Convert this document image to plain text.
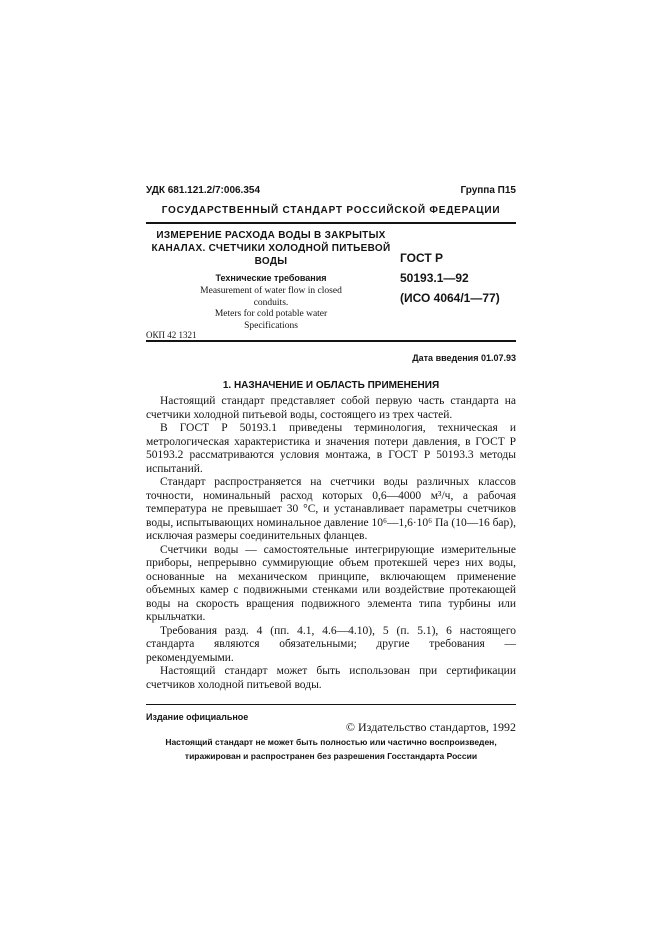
УДК 681.121.2/7:006.354	Группа П15
ГОСУДАРСТВЕННЫЙ СТАНДАРТ РОССИЙСКОЙ ФЕДЕРАЦИИ
ИЗМЕРЕНИЕ РАСХОДА ВОДЫ В ЗАКРЫТЫХ
КАНАЛАХ. СЧЕТЧИКИ ХОЛОДНОЙ ПИТЬЕВОЙ
ВОДЫ
Технические требования
Measurement of water flow in closed
conduits.
Meters for cold potable water
Specifications
ГОСТ Р
50193.1—92
(ИСО 4064/1—77)
ОКП 42 1321
Дата введения 01.07.93
1. НАЗНАЧЕНИЕ И ОБЛАСТЬ ПРИМЕНЕНИЯ

Настоящий стандарт представляет собой первую часть стандарта на счетчики холодной питьевой воды, состоящего из трех частей.

В ГОСТ Р 50193.1 приведены терминология, техническая и метрологическая характеристика и значения потери давления, в ГОСТ Р 50193.2 рассматриваются условия монтажа, в ГОСТ Р 50193.3 методы испытаний.

Стандарт распространяется на счетчики воды различных классов точности, номинальный расход которых 0,6—4000 м³/ч, а рабочая температура не превышает 30 °С, и устанавливает параметры счетчиков воды, испытывающих номинальное давление 10⁶—1,6·10⁶ Па (10—16 бар), исключая размеры соединительных фланцев.

Счетчики воды — самостоятельные интегрирующие измерительные приборы, непрерывно суммирующие объем протекшей через них воды, основанные на механическом принципе, включающем применение объемных камер с подвижными стенками или воздействие протекающей воды на скорость вращения подвижного элемента типа турбины или крыльчатки.

Требования разд. 4 (пп. 4.1, 4.6—4.10), 5 (п. 5.1), 6 настоящего стандарта являются обязательными; другие требования — рекомендуемыми.

Настоящий стандарт может быть использован при сертификации счетчиков холодной питьевой воды.

Издание официальное
© Издательство стандартов, 1992
Настоящий стандарт не может быть полностью или частично воспроизведен,
тиражирован и распространен без разрешения Госстандарта России
